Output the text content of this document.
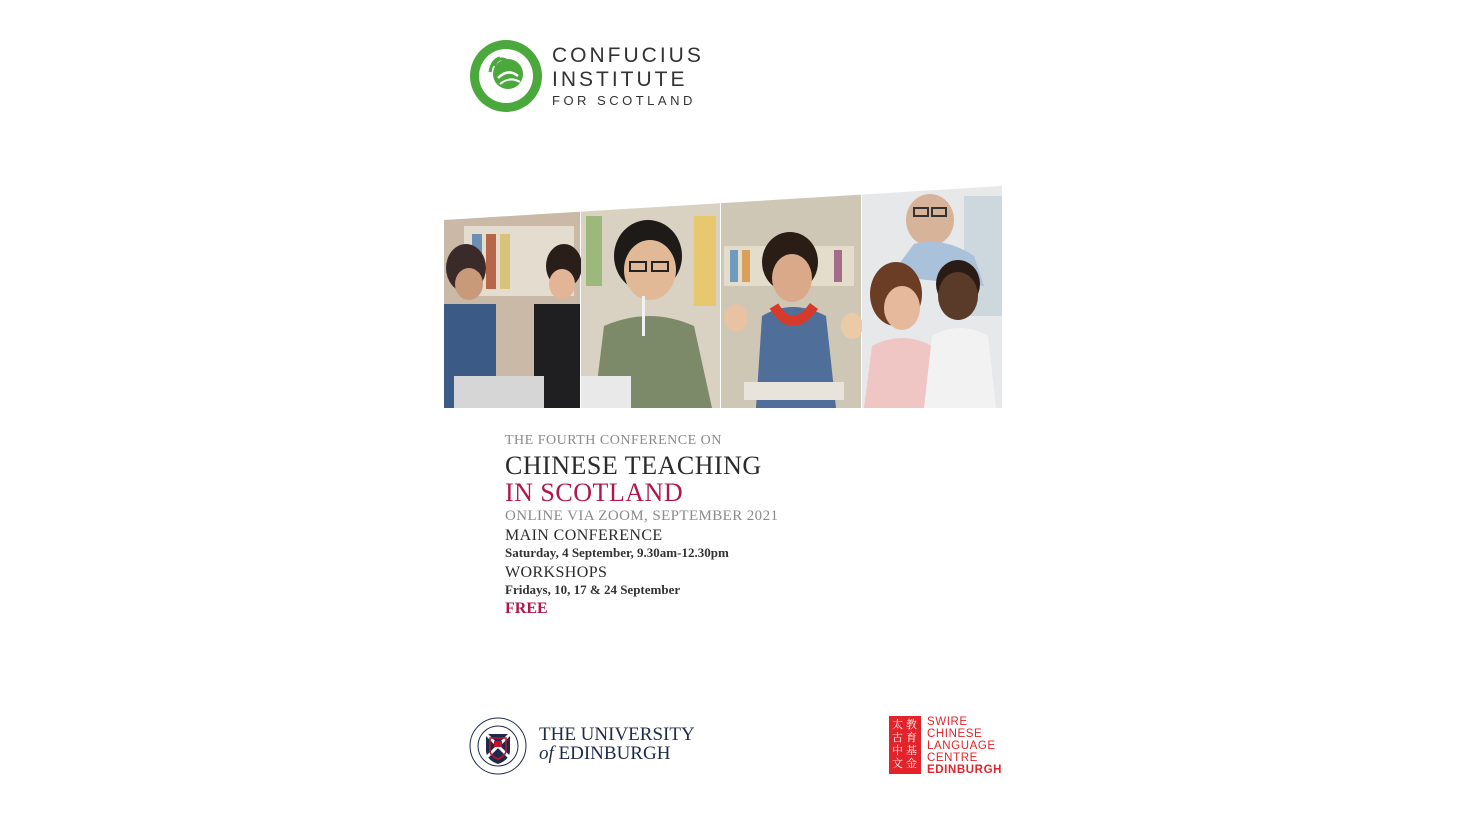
CONFUCIUS
INSTITUTE
FOR SCOTLAND
THE FOURTH CONFERENCE ON
CHINESE TEACHING
IN SCOTLAND
ONLINE VIA ZOOM, SEPTEMBER 2021
MAIN CONFERENCE
Saturday, 4 September, 9.30am-12.30pm
WORKSHOPS
Fridays, 10, 17 & 24 September
FREE
THE UNIVERSITY
of EDINBURGH
太
古
中
文
教
育
基
金
SWIRE
CHINESE
LANGUAGE
CENTRE
EDINBURGH
